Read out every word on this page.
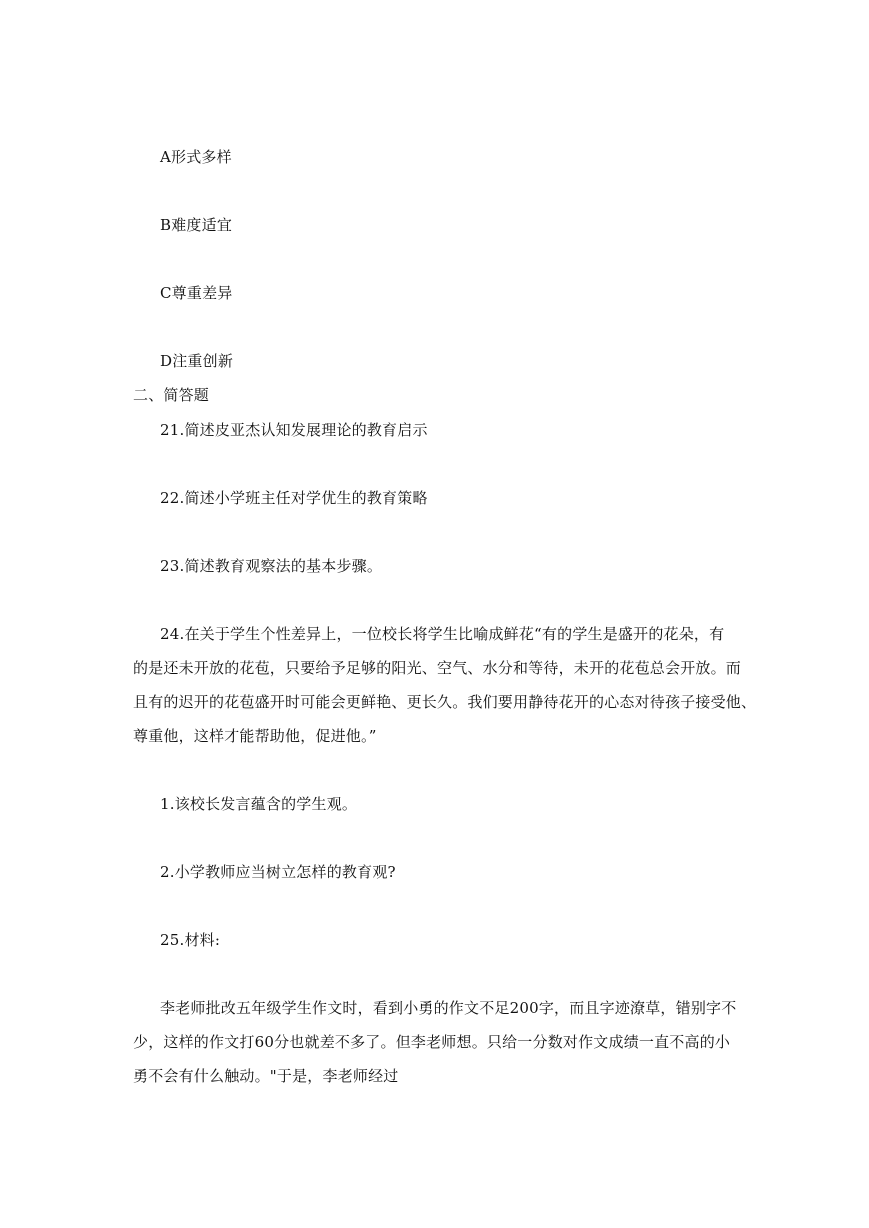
A形式多样
B难度适宜
C尊重差异
D注重创新
二、简答题
21.简述皮亚杰认知发展理论的教育启示
22.简述小学班主任对学优生的教育策略
23.简述教育观察法的基本步骤。
24.在关于学生个性差异上，一位校长将学生比喻成鲜花“有的学生是盛开的花朵，有
的是还未开放的花苞，只要给予足够的阳光、空气、水分和等待，未开的花苞总会开放。而
且有的迟开的花苞盛开时可能会更鲜艳、更长久。我们要用静待花开的心态对待孩子接受他、
尊重他，这样才能帮助他，促进他。”
1.该校长发言蕴含的学生观。
2.小学教师应当树立怎样的教育观?
25.材料:
李老师批改五年级学生作文时，看到小勇的作文不足200字，而且字迹潦草，错别字不
少，这样的作文打60分也就差不多了。但李老师想。只给一分数对作文成绩一直不高的小
勇不会有什么触动。"于是，李老师经过
